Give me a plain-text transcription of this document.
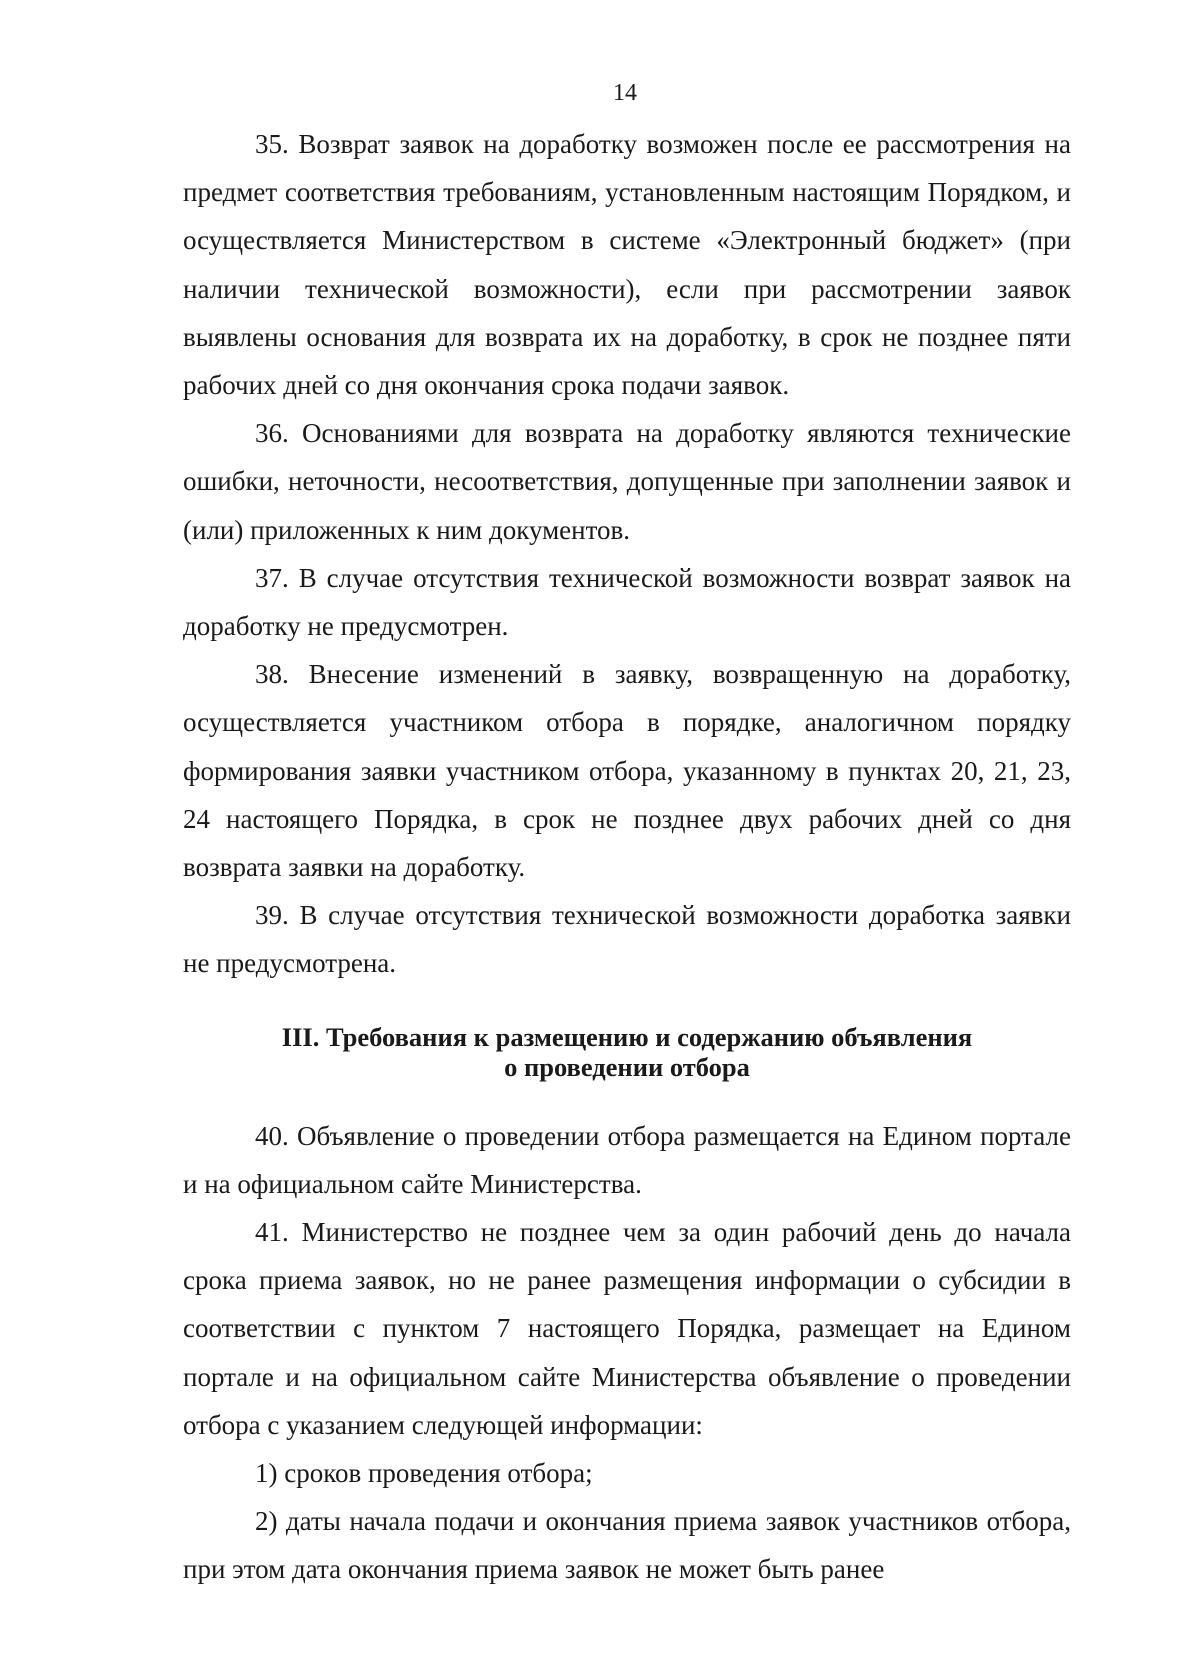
14

35. Возврат заявок на доработку возможен после ее рассмотрения на предмет соответствия требованиям, установленным настоящим Порядком, и осуществляется Министерством в системе «Электронный бюджет» (при наличии технической возможности), если при рассмотрении заявок выявлены основания для возврата их на доработку, в срок не позднее пяти рабочих дней со дня окончания срока подачи заявок.

36. Основаниями для возврата на доработку являются технические ошибки, неточности, несоответствия, допущенные при заполнении заявок и (или) приложенных к ним документов.

37. В случае отсутствия технической возможности возврат заявок на доработку не предусмотрен.

38. Внесение изменений в заявку, возвращенную на доработку, осуществляется участником отбора в порядке, аналогичном порядку формирования заявки участником отбора, указанному в пунктах 20, 21, 23, 24 настоящего Порядка, в срок не позднее двух рабочих дней со дня возврата заявки на доработку.

39. В случае отсутствия технической возможности доработка заявки не предусмотрена.

III. Требования к размещению и содержанию объявления
о проведении отбора

40. Объявление о проведении отбора размещается на Едином портале и на официальном сайте Министерства.

41. Министерство не позднее чем за один рабочий день до начала срока приема заявок, но не ранее размещения информации о субсидии в соответствии с пунктом 7 настоящего Порядка, размещает на Едином портале и на официальном сайте Министерства объявление о проведении отбора с указанием следующей информации:

1) сроков проведения отбора;

2) даты начала подачи и окончания приема заявок участников отбора, при этом дата окончания приема заявок не может быть ранее
